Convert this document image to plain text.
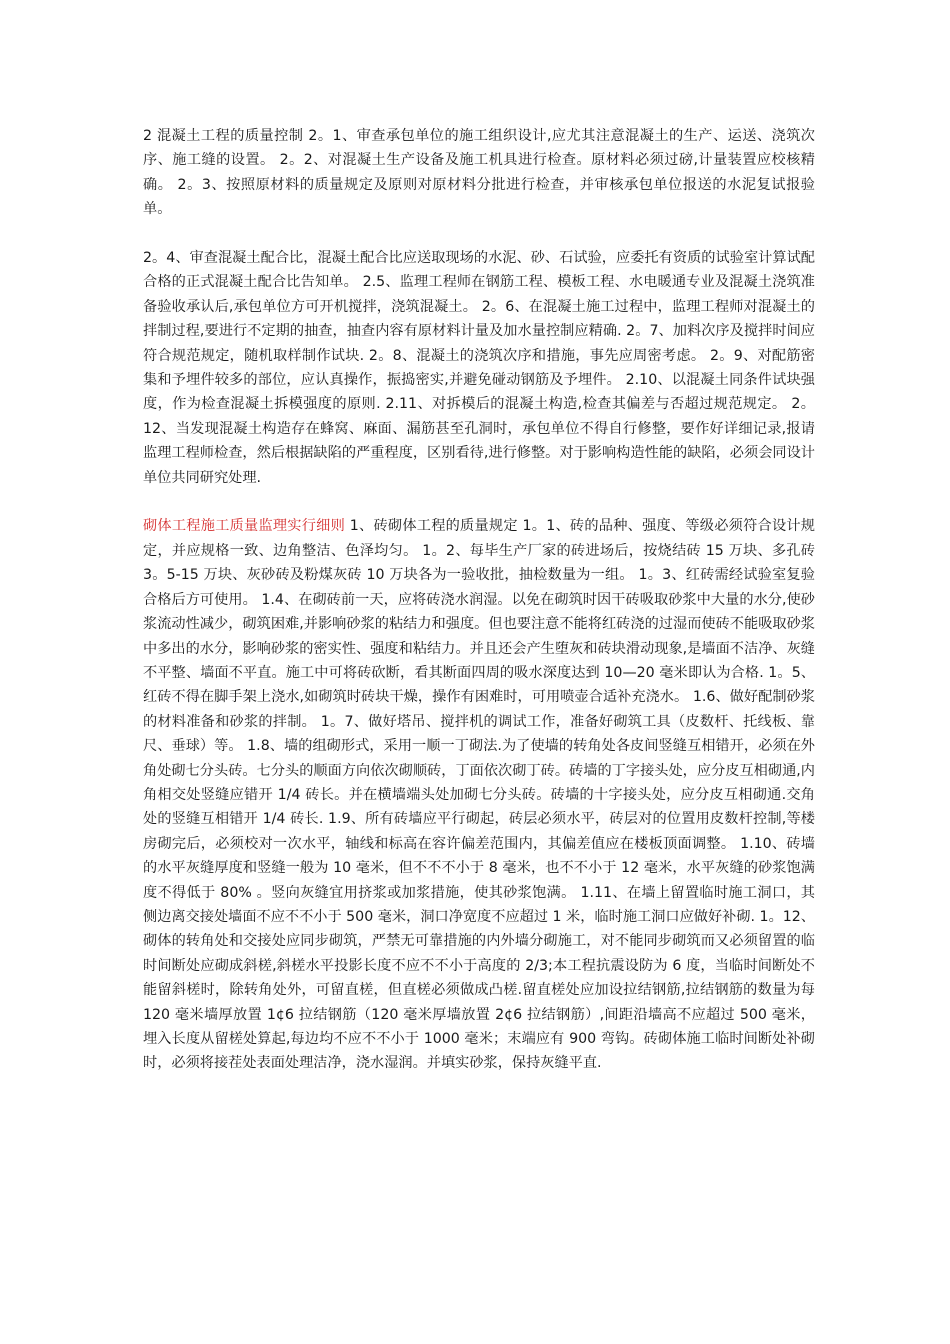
2 混凝土工程的质量控制 2。1、审查承包单位的施工组织设计,应尤其注意混凝土的生产、运送、浇筑次序、施工缝的设置。 2。2、对混凝土生产设备及施工机具进行检查。原材料必须过磅,计量装置应校核精确。 2。3、按照原材料的质量规定及原则对原材料分批进行检查，并审核承包单位报送的水泥复试报验单。

2。4、审查混凝土配合比，混凝土配合比应送取现场的水泥、砂、石试验，应委托有资质的试验室计算试配合格的正式混凝土配合比告知单。 2.5、监理工程师在钢筋工程、模板工程、水电暖通专业及混凝土浇筑准备验收承认后,承包单位方可开机搅拌，浇筑混凝土。 2。6、在混凝土施工过程中，监理工程师对混凝土的拌制过程,要进行不定期的抽查，抽查内容有原材料计量及加水量控制应精确. 2。7、加料次序及搅拌时间应符合规范规定，随机取样制作试块. 2。8、混凝土的浇筑次序和措施，事先应周密考虑。 2。9、对配筋密集和予埋件较多的部位，应认真操作，振捣密实,并避免碰动钢筋及予埋件。 2.10、以混凝土同条件试块强度，作为检查混凝土拆模强度的原则. 2.11、对拆模后的混凝土构造,检查其偏差与否超过规范规定。 2。12、当发现混凝土构造存在蜂窝、麻面、漏筋甚至孔洞时，承包单位不得自行修整，要作好详细记录,报请监理工程师检查，然后根据缺陷的严重程度，区别看待,进行修整。对于影响构造性能的缺陷，必须会同设计单位共同研究处理.

砌体工程施工质量监理实行细则 1、砖砌体工程的质量规定 1。1、砖的品种、强度、等级必须符合设计规定，并应规格一致、边角整洁、色泽均匀。 1。2、每毕生产厂家的砖进场后，按烧结砖 15 万块、多孔砖 3。5-15 万块、灰砂砖及粉煤灰砖 10 万块各为一验收批，抽检数量为一组。 1。3、红砖需经试验室复验合格后方可使用。 1.4、在砌砖前一天，应将砖浇水润湿。以免在砌筑时因干砖吸取砂浆中大量的水分,使砂浆流动性减少，砌筑困难,并影响砂浆的粘结力和强度。但也要注意不能将红砖浇的过湿而使砖不能吸取砂浆中多出的水分，影响砂浆的密实性、强度和粘结力。并且还会产生堕灰和砖块滑动现象,是墙面不洁净、灰缝不平整、墙面不平直。施工中可将砖砍断，看其断面四周的吸水深度达到 10—20 毫米即认为合格. 1。5、红砖不得在脚手架上浇水,如砌筑时砖块干燥，操作有困难时，可用喷壶合适补充浇水。 1.6、做好配制砂浆的材料准备和砂浆的拌制。 1。7、做好塔吊、搅拌机的调试工作，准备好砌筑工具（皮数杆、托线板、靠尺、垂球）等。 1.8、墙的组砌形式，采用一顺一丁砌法.为了使墙的转角处各皮间竖缝互相错开，必须在外角处砌七分头砖。七分头的顺面方向依次砌顺砖，丁面依次砌丁砖。砖墙的丁字接头处，应分皮互相砌通,内角相交处竖缝应错开 1/4 砖长。并在横墙端头处加砌七分头砖。砖墙的十字接头处，应分皮互相砌通.交角处的竖缝互相错开 1/4 砖长. 1.9、所有砖墙应平行砌起，砖层必须水平，砖层对的位置用皮数杆控制,等楼房砌完后，必须校对一次水平，轴线和标高在容许偏差范围内，其偏差值应在楼板顶面调整。 1.10、砖墙的水平灰缝厚度和竖缝一般为 10 毫米，但不不不小于 8 毫米，也不不小于 12 毫米，水平灰缝的砂浆饱满度不得低于 80% 。竖向灰缝宜用挤浆或加浆措施，使其砂浆饱满。 1.11、在墙上留置临时施工洞口，其侧边离交接处墙面不应不不小于 500 毫米，洞口净宽度不应超过 1 米，临时施工洞口应做好补砌. 1。12、砌体的转角处和交接处应同步砌筑，严禁无可靠措施的内外墙分砌施工，对不能同步砌筑而又必须留置的临时间断处应砌成斜槎,斜槎水平投影长度不应不不小于高度的 2/3;本工程抗震设防为 6 度，当临时间断处不能留斜槎时，除转角处外，可留直槎，但直槎必须做成凸槎.留直槎处应加设拉结钢筋,拉结钢筋的数量为每 120 毫米墙厚放置 1¢6 拉结钢筋（120 毫米厚墙放置 2¢6 拉结钢筋）,间距沿墙高不应超过 500 毫米，埋入长度从留槎处算起,每边均不应不不小于 1000 毫米；末端应有 900 弯钩。砖砌体施工临时间断处补砌时，必须将接茬处表面处理洁净，浇水湿润。并填实砂浆，保持灰缝平直.
